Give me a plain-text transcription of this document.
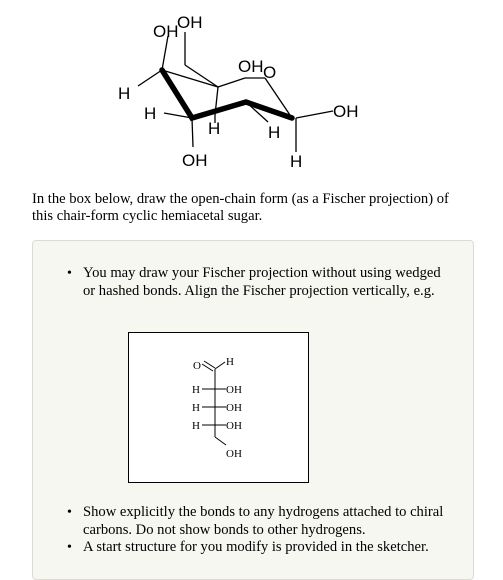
OH
OH
H
H
H
OH O
OH
H
OH
H

In the box below, draw the open-chain form (as a Fischer projection) of this chair-form cyclic hemiacetal sugar.

• You may draw your Fischer projection without using wedged or hashed bonds. Align the Fischer projection vertically, e.g.
O H
H OH
H OH
H OH
OH
• Show explicitly the bonds to any hydrogens attached to chiral carbons. Do not show bonds to other hydrogens.
• A start structure for you modify is provided in the sketcher.
